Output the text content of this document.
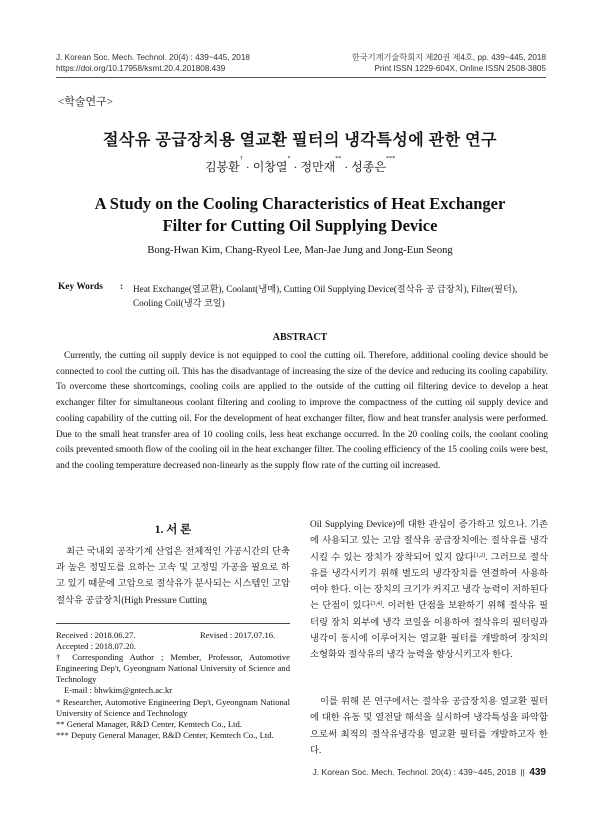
J. Korean Soc. Mech. Technol. 20(4) : 439~445, 2018
https://doi.org/10.17958/ksmt.20.4.201808.439
한국기계기술학회지 제20권 제4호, pp. 439~445, 2018
Print ISSN 1229-604X, Online ISSN 2508-3805
<학술연구>
절삭유 공급장치용 열교환 필터의 냉각특성에 관한 연구
김봉환† · 이창열* · 정만재** · 성종은***
A Study on the Cooling Characteristics of Heat Exchanger
Filter for Cutting Oil Supplying Device
Bong-Hwan Kim, Chang-Ryeol Lee, Man-Jae Jung and Jong-Eun Seong
Key Words : Heat Exchange(열교환), Coolant(냉매), Cutting Oil Supplying Device(절삭유 공 급장치), Filter(필터),
Cooling Coil(냉각 코일)
ABSTRACT
Currently, the cutting oil supply device is not equipped to cool the cutting oil. Therefore, additional cooling device should be connected to cool the cutting oil. This has the disadvantage of increasing the size of the device and reducing its cooling capability. To overcome these shortcomings, cooling coils are applied to the outside of the cutting oil filtering device to develop a heat exchanger filter for simultaneous coolant filtering and cooling to improve the compactness of the cutting oil supply device and cooling capability of the cutting oil. For the development of heat exchanger filter, flow and heat transfer analysis were performed. Due to the small heat transfer area of 10 cooling coils, less heat exchange occurred. In the 20 cooling coils, the coolant cooling coils prevented smooth flow of the cooling oil in the heat exchanger filter. The cooling efficiency of the 15 cooling coils were best, and the cooling temperature decreased non-linearly as the supply flow rate of the cutting oil increased.
1. 서 론
최근 국내외 공작기계 산업은 전체적인 가공시간의 단축과 높은 정밀도를 요하는 고속 및 고정밀 가공을 필요로 하고 있기 때문에 고압으로 절삭유가 분사되는 시스템인 고압 절삭유 공급장치(High Pressure Cutting
Received : 2018.06.27.	Revised : 2017.07.16.
Accepted : 2018.07.20.
† Corresponding Author ; Member, Professor, Automotive Engineering Dep't, Gyeongnam National University of Science and Technology
E-mail : bhwkim@gntech.ac.kr
* Researcher, Automotive Engineering Dep't, Gyeongnam National University of Science and Technology
** General Manager, R&D Center, Kemtech Co., Ltd.
*** Deputy General Manager, R&D Center, Kemtech Co., Ltd.
Oil Supplying Device)에 대한 관심이 증가하고 있으나. 기존에 사용되고 있는 고압 절삭유 공급장치에는 절삭유를 냉각시킬 수 있는 장치가 장착되어 있지 않다[1,2]. 그러므로 절삭유를 냉각시키기 위해 별도의 냉각장치를 연결하여 사용하여야 한다. 이는 장치의 크기가 커지고 냉각 능력이 저하된다는 단점이 있다[3,4]. 이러한 단점을 보완하기 위해 절삭유 필터링 장치 외부에 냉각 코일을 이용하여 절삭유의 필터링과 냉각이 동시에 이루어지는 열교환 필터를 개발하여 장치의 소형화와 절삭유의 냉각 능력을 향상시키고자 한다.
이를 위해 본 연구에서는 절삭유 공급장치용 열교환 필터에 대한 유동 및 열전달 해석을 실시하여 냉각특성을 파악함으로써 최적의 절삭유냉각용 열교환 필터를 개발하고자 한다.
J. Korean Soc. Mech. Technol. 20(4) : 439~445, 2018 || 439
